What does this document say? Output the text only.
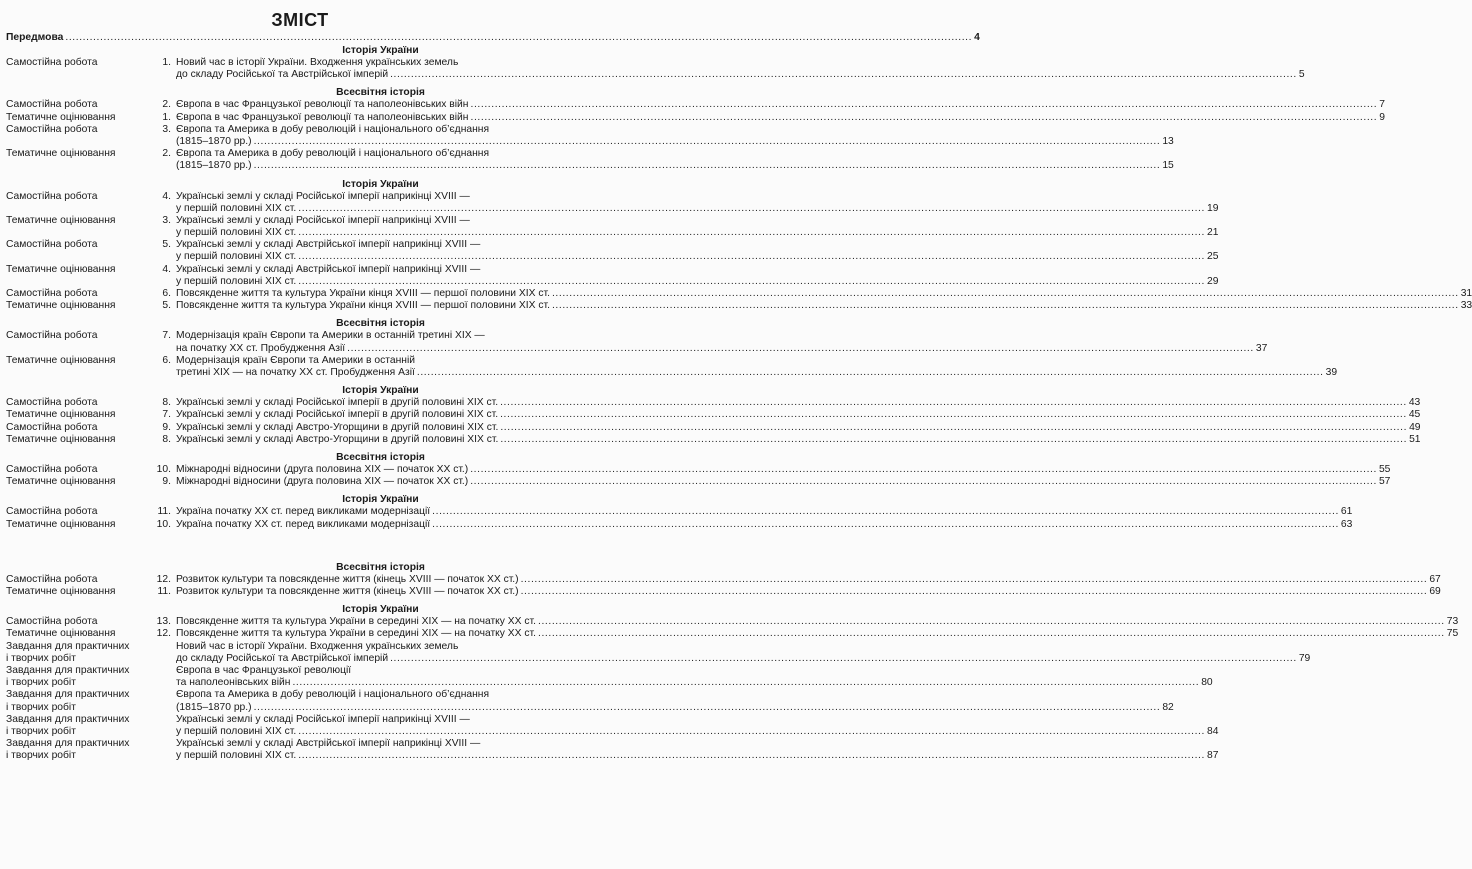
ЗМІСТ
Передмова .....	4
Історія України
Самостійна робота	1. Новий час в історії України. Входження українських земель
до складу Російської та Австрійської імперій .....	5
Всесвітня історія
Самостійна робота	2. Європа в час Французької революції та наполеонівських війн .....	7
Тематичне оцінювання	1. Європа в час Французької революції та наполеонівських війн .....	9
Самостійна робота	3. Європа та Америка в добу революцій і національного об’єднання
(1815–1870 рр.) .....	13
Тематичне оцінювання	2. Європа та Америка в добу революцій і національного об’єднання
(1815–1870 рр.) .....	15
Історія України
Самостійна робота	4. Українські землі у складі Російської імперії наприкінці XVIII —
у першій половині XIX ст. .....	19
Тематичне оцінювання	3. Українські землі у складі Російської імперії наприкінці XVIII —
у першій половині XIX ст. .....	21
Самостійна робота	5. Українські землі у складі Австрійської імперії наприкінці XVIII —
у першій половині XIX ст. .....	25
Тематичне оцінювання	4. Українські землі у складі Австрійської імперії наприкінці XVIII —
у першій половині XIX ст. .....	29
Самостійна робота	6. Повсякденне життя та культура України кінця XVIII — першої половини XIX ст. .....	31
Тематичне оцінювання	5. Повсякденне життя та культура України кінця XVIII — першої половини XIX ст. .....	33
Всесвітня історія
Самостійна робота	7. Модернізація країн Європи та Америки в останній третині XIX —
на початку XX ст. Пробудження Азії .....	37
Тематичне оцінювання	6. Модернізація країн Європи та Америки в останній
третині XIX — на початку XX ст. Пробудження Азії .....	39
Історія України
Самостійна робота	8. Українські землі у складі Російської імперії в другій половині XIX ст. .....	43
Тематичне оцінювання	7. Українські землі у складі Російської імперії в другій половині XIX ст. .....	45
Самостійна робота	9. Українські землі у складі Австро-Угорщини в другій половині XIX ст. .....	49
Тематичне оцінювання	8. Українські землі у складі Австро-Угорщини в другій половині XIX ст. .....	51
Всесвітня історія
Самостійна робота	10. Міжнародні відносини (друга половина XIX — початок XX ст.) .....	55
Тематичне оцінювання	9. Міжнародні відносини (друга половина XIX — початок XX ст.) .....	57
Історія України
Самостійна робота	11. Україна початку XX ст. перед викликами модернізації .....	61
Тематичне оцінювання	10. Україна початку XX ст. перед викликами модернізації .....	63
Всесвітня історія
Самостійна робота	12. Розвиток культури та повсякденне життя (кінець XVIII — початок XX ст.) .....	67
Тематичне оцінювання	11. Розвиток культури та повсякденне життя (кінець XVIII — початок XX ст.) .....	69
Історія України
Самостійна робота	13. Повсякденне життя та культура України в середині XIX — на початку XX ст. .....	73
Тематичне оцінювання	12. Повсякденне життя та культура України в середині XIX — на початку XX ст. .....	75
Завдання для практичних
і творчих робіт
Новий час в історії України. Входження українських земель
до складу Російської та Австрійської імперій .....	79
Завдання для практичних
і творчих робіт
Європа в час Французької революції
та наполеонівських війн .....	80
Завдання для практичних
і творчих робіт
Європа та Америка в добу революцій і національного об’єднання
(1815–1870 рр.) .....	82
Завдання для практичних
і творчих робіт
Українські землі у складі Російської імперії наприкінці XVIII —
у першій половині XIX ст. .....	84
Завдання для практичних
і творчих робіт
Українські землі у складі Австрійської імперії наприкінці XVIII —
у першій половині XIX ст. .....	87
